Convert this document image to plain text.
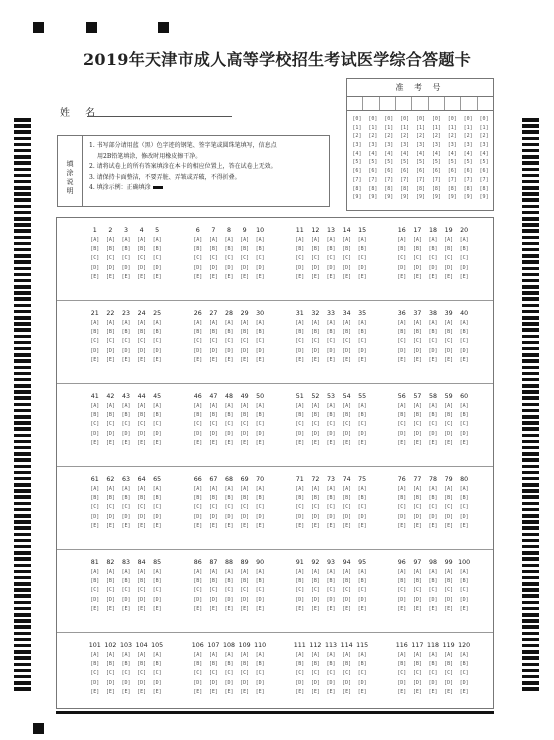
2019年天津市成人高等学校招生考试医学综合答题卡
姓 名
准 考 号
[0]	[0]	[0]	[0]	[0]	[0]	[0]	[0]	[0]
[1]	[1]	[1]	[1]	[1]	[1]	[1]	[1]	[1]
[2]	[2]	[2]	[2]	[2]	[2]	[2]	[2]	[2]
[3]	[3]	[3]	[3]	[3]	[3]	[3]	[3]	[3]
[4]	[4]	[4]	[4]	[4]	[4]	[4]	[4]	[4]
[5]	[5]	[5]	[5]	[5]	[5]	[5]	[5]	[5]
[6]	[6]	[6]	[6]	[6]	[6]	[6]	[6]	[6]
[7]	[7]	[7]	[7]	[7]	[7]	[7]	[7]	[7]
[8]	[8]	[8]	[8]	[8]	[8]	[8]	[8]	[8]
[9]	[9]	[9]	[9]	[9]	[9]	[9]	[9]	[9]
填涂说明
1. 书写部分请用蓝（黑）色字迹的钢笔、签字笔或圆珠笔填写，信息点
用2B铅笔填涂，修改时用橡皮擦干净。
2. 请将试卷上的所有答案填涂在本卡的相应位置上，答在试卷上无效。
3. 请保持卡面整洁，不要弄脏、弄皱或弄破，不得折叠。
4. 填涂示例：正确填涂
1	2	3	4	5
[A]	[A]	[A]	[A]	[A]
[B]	[B]	[B]	[B]	[B]
[C]	[C]	[C]	[C]	[C]
[D]	[D]	[D]	[D]	[D]
[E]	[E]	[E]	[E]	[E]
6	7	8	9	10
[A]	[A]	[A]	[A]	[A]
[B]	[B]	[B]	[B]	[B]
[C]	[C]	[C]	[C]	[C]
[D]	[D]	[D]	[D]	[D]
[E]	[E]	[E]	[E]	[E]
11	12	13	14	15
[A]	[A]	[A]	[A]	[A]
[B]	[B]	[B]	[B]	[B]
[C]	[C]	[C]	[C]	[C]
[D]	[D]	[D]	[D]	[D]
[E]	[E]	[E]	[E]	[E]
16	17	18	19	20
[A]	[A]	[A]	[A]	[A]
[B]	[B]	[B]	[B]	[B]
[C]	[C]	[C]	[C]	[C]
[D]	[D]	[D]	[D]	[D]
[E]	[E]	[E]	[E]	[E]
21	22	23	24	25
[A]	[A]	[A]	[A]	[A]
[B]	[B]	[B]	[B]	[B]
[C]	[C]	[C]	[C]	[C]
[D]	[D]	[D]	[D]	[D]
[E]	[E]	[E]	[E]	[E]
26	27	28	29	30
[A]	[A]	[A]	[A]	[A]
[B]	[B]	[B]	[B]	[B]
[C]	[C]	[C]	[C]	[C]
[D]	[D]	[D]	[D]	[D]
[E]	[E]	[E]	[E]	[E]
31	32	33	34	35
[A]	[A]	[A]	[A]	[A]
[B]	[B]	[B]	[B]	[B]
[C]	[C]	[C]	[C]	[C]
[D]	[D]	[D]	[D]	[D]
[E]	[E]	[E]	[E]	[E]
36	37	38	39	40
[A]	[A]	[A]	[A]	[A]
[B]	[B]	[B]	[B]	[B]
[C]	[C]	[C]	[C]	[C]
[D]	[D]	[D]	[D]	[D]
[E]	[E]	[E]	[E]	[E]
41	42	43	44	45
[A]	[A]	[A]	[A]	[A]
[B]	[B]	[B]	[B]	[B]
[C]	[C]	[C]	[C]	[C]
[D]	[D]	[D]	[D]	[D]
[E]	[E]	[E]	[E]	[E]
46	47	48	49	50
[A]	[A]	[A]	[A]	[A]
[B]	[B]	[B]	[B]	[B]
[C]	[C]	[C]	[C]	[C]
[D]	[D]	[D]	[D]	[D]
[E]	[E]	[E]	[E]	[E]
51	52	53	54	55
[A]	[A]	[A]	[A]	[A]
[B]	[B]	[B]	[B]	[B]
[C]	[C]	[C]	[C]	[C]
[D]	[D]	[D]	[D]	[D]
[E]	[E]	[E]	[E]	[E]
56	57	58	59	60
[A]	[A]	[A]	[A]	[A]
[B]	[B]	[B]	[B]	[B]
[C]	[C]	[C]	[C]	[C]
[D]	[D]	[D]	[D]	[D]
[E]	[E]	[E]	[E]	[E]
61	62	63	64	65
[A]	[A]	[A]	[A]	[A]
[B]	[B]	[B]	[B]	[B]
[C]	[C]	[C]	[C]	[C]
[D]	[D]	[D]	[D]	[D]
[E]	[E]	[E]	[E]	[E]
66	67	68	69	70
[A]	[A]	[A]	[A]	[A]
[B]	[B]	[B]	[B]	[B]
[C]	[C]	[C]	[C]	[C]
[D]	[D]	[D]	[D]	[D]
[E]	[E]	[E]	[E]	[E]
71	72	73	74	75
[A]	[A]	[A]	[A]	[A]
[B]	[B]	[B]	[B]	[B]
[C]	[C]	[C]	[C]	[C]
[D]	[D]	[D]	[D]	[D]
[E]	[E]	[E]	[E]	[E]
76	77	78	79	80
[A]	[A]	[A]	[A]	[A]
[B]	[B]	[B]	[B]	[B]
[C]	[C]	[C]	[C]	[C]
[D]	[D]	[D]	[D]	[D]
[E]	[E]	[E]	[E]	[E]
81	82	83	84	85
[A]	[A]	[A]	[A]	[A]
[B]	[B]	[B]	[B]	[B]
[C]	[C]	[C]	[C]	[C]
[D]	[D]	[D]	[D]	[D]
[E]	[E]	[E]	[E]	[E]
86	87	88	89	90
[A]	[A]	[A]	[A]	[A]
[B]	[B]	[B]	[B]	[B]
[C]	[C]	[C]	[C]	[C]
[D]	[D]	[D]	[D]	[D]
[E]	[E]	[E]	[E]	[E]
91	92	93	94	95
[A]	[A]	[A]	[A]	[A]
[B]	[B]	[B]	[B]	[B]
[C]	[C]	[C]	[C]	[C]
[D]	[D]	[D]	[D]	[D]
[E]	[E]	[E]	[E]	[E]
96	97	98	99 100
[A]	[A]	[A]	[A]	[A]
[B]	[B]	[B]	[B]	[B]
[C]	[C]	[C]	[C]	[C]
[D]	[D]	[D]	[D]	[D]
[E]	[E]	[E]	[E]	[E]
101 102 103 104 105
[A]	[A]	[A]	[A]	[A]
[B]	[B]	[B]	[B]	[B]
[C]	[C]	[C]	[C]	[C]
[D]	[D]	[D]	[D]	[D]
[E]	[E]	[E]	[E]	[E]
106 107 108 109 110
[A]	[A]	[A]	[A]	[A]
[B]	[B]	[B]	[B]	[B]
[C]	[C]	[C]	[C]	[C]
[D]	[D]	[D]	[D]	[D]
[E]	[E]	[E]	[E]	[E]
111 112 113 114 115
[A]	[A]	[A]	[A]	[A]
[B]	[B]	[B]	[B]	[B]
[C]	[C]	[C]	[C]	[C]
[D]	[D]	[D]	[D]	[D]
[E]	[E]	[E]	[E]	[E]
116 117 118 119 120
[A]	[A]	[A]	[A]	[A]
[B]	[B]	[B]	[B]	[B]
[C]	[C]	[C]	[C]	[C]
[D]	[D]	[D]	[D]	[D]
[E]	[E]	[E]	[E]	[E]
